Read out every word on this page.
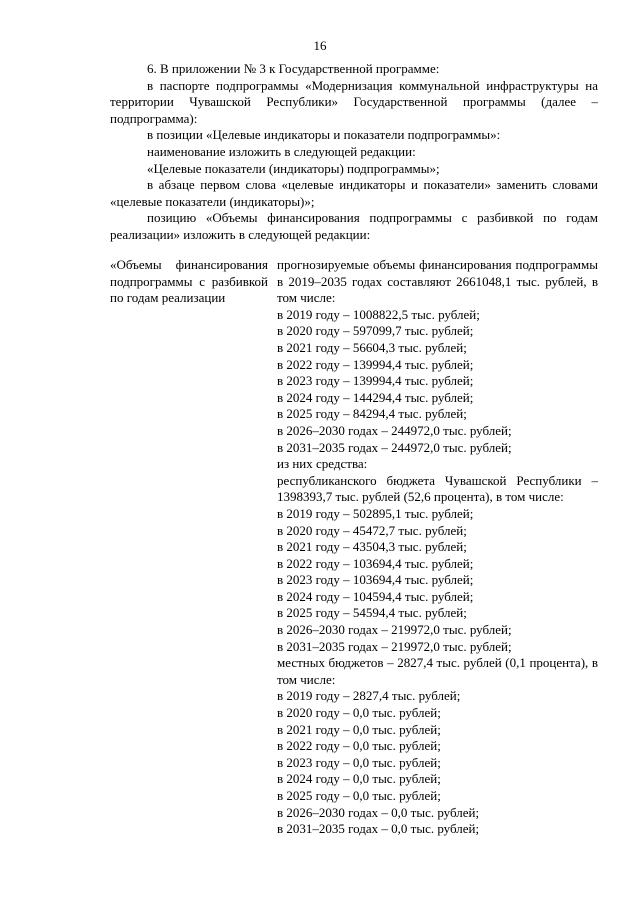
16

6. В приложении № 3 к Государственной программе:

в паспорте подпрограммы «Модернизация коммунальной инфраструктуры на территории Чувашской Республики» Государственной программы (далее – подпрограмма):

в позиции «Целевые индикаторы и показатели подпрограммы»:

наименование изложить в следующей редакции:

«Целевые показатели (индикаторы) подпрограммы»;

в абзаце первом слова «целевые индикаторы и показатели» заменить словами «целевые показатели (индикаторы)»;

позицию «Объемы финансирования подпрограммы с разбивкой по годам реализации» изложить в следующей редакции:

«Объемы финансирования подпрограммы с разбивкой по годам реализации
прогнозируемые объемы финансирования подпрограммы в 2019–2035 годах составляют 2661048,1 тыс. рублей, в том числе:
в 2019 году – 1008822,5 тыс. рублей;
в 2020 году – 597099,7 тыс. рублей;
в 2021 году – 56604,3 тыс. рублей;
в 2022 году – 139994,4 тыс. рублей;
в 2023 году – 139994,4 тыс. рублей;
в 2024 году – 144294,4 тыс. рублей;
в 2025 году – 84294,4 тыс. рублей;
в 2026–2030 годах – 244972,0 тыс. рублей;
в 2031–2035 годах – 244972,0 тыс. рублей;
из них средства:
республиканского бюджета Чувашской Республики – 1398393,7 тыс. рублей (52,6 процента), в том числе:
в 2019 году – 502895,1 тыс. рублей;
в 2020 году – 45472,7 тыс. рублей;
в 2021 году – 43504,3 тыс. рублей;
в 2022 году – 103694,4 тыс. рублей;
в 2023 году – 103694,4 тыс. рублей;
в 2024 году – 104594,4 тыс. рублей;
в 2025 году – 54594,4 тыс. рублей;
в 2026–2030 годах – 219972,0 тыс. рублей;
в 2031–2035 годах – 219972,0 тыс. рублей;
местных бюджетов – 2827,4 тыс. рублей (0,1 процента), в том числе:
в 2019 году – 2827,4 тыс. рублей;
в 2020 году – 0,0 тыс. рублей;
в 2021 году – 0,0 тыс. рублей;
в 2022 году – 0,0 тыс. рублей;
в 2023 году – 0,0 тыс. рублей;
в 2024 году – 0,0 тыс. рублей;
в 2025 году – 0,0 тыс. рублей;
в 2026–2030 годах – 0,0 тыс. рублей;
в 2031–2035 годах – 0,0 тыс. рублей;
